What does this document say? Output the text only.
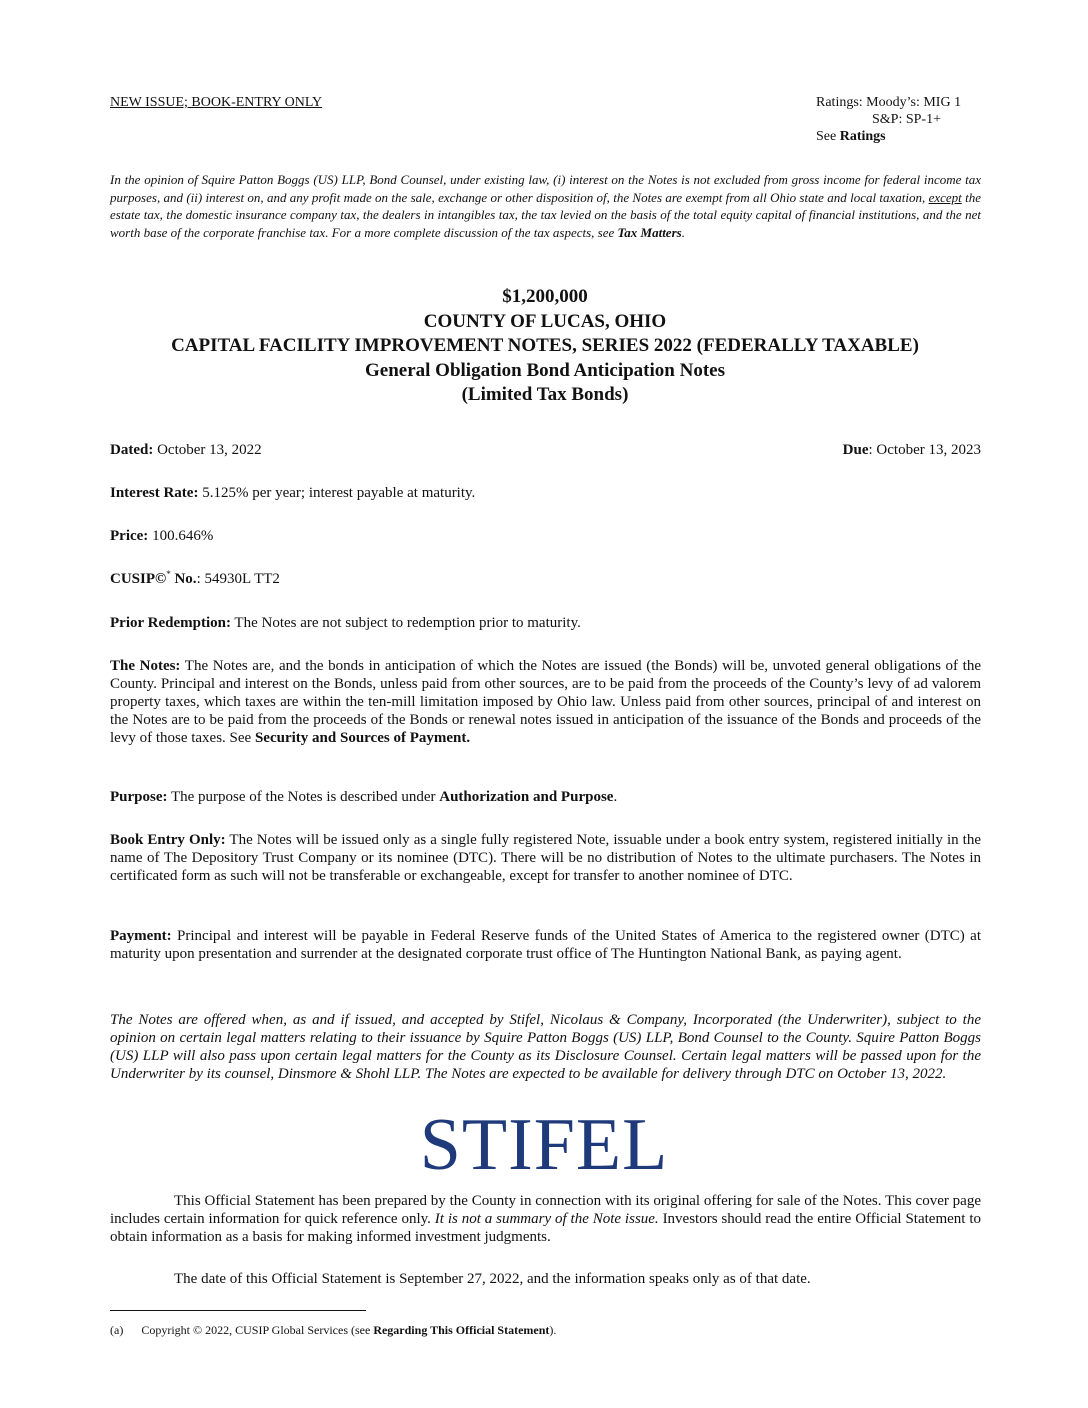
NEW ISSUE; BOOK-ENTRY ONLY	Ratings: Moody’s: MIG 1
S&P: SP-1+
See Ratings
In the opinion of Squire Patton Boggs (US) LLP, Bond Counsel, under existing law, (i) interest on the Notes is not excluded from gross income for federal income tax purposes, and (ii) interest on, and any profit made on the sale, exchange or other disposition of, the Notes are exempt from all Ohio state and local taxation, except the estate tax, the domestic insurance company tax, the dealers in intangibles tax, the tax levied on the basis of the total equity capital of financial institutions, and the net worth base of the corporate franchise tax. For a more complete discussion of the tax aspects, see Tax Matters.
$1,200,000
COUNTY OF LUCAS, OHIO
CAPITAL FACILITY IMPROVEMENT NOTES, SERIES 2022 (FEDERALLY TAXABLE)
General Obligation Bond Anticipation Notes
(Limited Tax Bonds)
Dated: October 13, 2022	Due: October 13, 2023
Interest Rate: 5.125% per year; interest payable at maturity.
Price: 100.646%
CUSIP©* No.: 54930L TT2
Prior Redemption: The Notes are not subject to redemption prior to maturity.
The Notes: The Notes are, and the bonds in anticipation of which the Notes are issued (the Bonds) will be, unvoted general obligations of the County. Principal and interest on the Bonds, unless paid from other sources, are to be paid from the proceeds of the County’s levy of ad valorem property taxes, which taxes are within the ten-mill limitation imposed by Ohio law. Unless paid from other sources, principal of and interest on the Notes are to be paid from the proceeds of the Bonds or renewal notes issued in anticipation of the issuance of the Bonds and proceeds of the levy of those taxes. See Security and Sources of Payment.
Purpose: The purpose of the Notes is described under Authorization and Purpose.
Book Entry Only: The Notes will be issued only as a single fully registered Note, issuable under a book entry system, registered initially in the name of The Depository Trust Company or its nominee (DTC). There will be no distribution of Notes to the ultimate purchasers. The Notes in certificated form as such will not be transferable or exchangeable, except for transfer to another nominee of DTC.
Payment: Principal and interest will be payable in Federal Reserve funds of the United States of America to the registered owner (DTC) at maturity upon presentation and surrender at the designated corporate trust office of The Huntington National Bank, as paying agent.
The Notes are offered when, as and if issued, and accepted by Stifel, Nicolaus & Company, Incorporated (the Underwriter), subject to the opinion on certain legal matters relating to their issuance by Squire Patton Boggs (US) LLP, Bond Counsel to the County. Squire Patton Boggs (US) LLP will also pass upon certain legal matters for the County as its Disclosure Counsel. Certain legal matters will be passed upon for the Underwriter by its counsel, Dinsmore & Shohl LLP. The Notes are expected to be available for delivery through DTC on October 13, 2022.
STIFEL
This Official Statement has been prepared by the County in connection with its original offering for sale of the Notes. This cover page includes certain information for quick reference only. It is not a summary of the Note issue. Investors should read the entire Official Statement to obtain information as a basis for making informed investment judgments.
The date of this Official Statement is September 27, 2022, and the information speaks only as of that date.
(a) Copyright © 2022, CUSIP Global Services (see Regarding This Official Statement).
